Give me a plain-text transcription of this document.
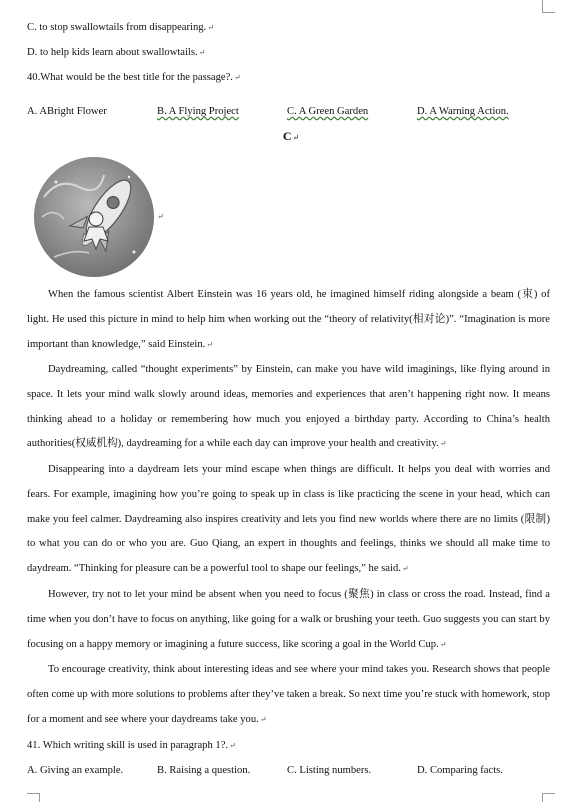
C. to stop swallowtails from disappearing.↵
D. to help kids learn about swallowtails.↵
40.What would be the best title for the passage?.↵
A. ABright Flower	B. A Flying Project	C. A Green Garden	D. A Warning Action.
C↵
↵
When the famous scientist Albert Einstein was 16 years old, he imagined himself riding alongside a beam (束) of light. He used this picture in mind to help him when working out the “theory of relativity(相对论)”. “Imagination is more important than knowledge,” said Einstein.↵
Daydreaming, called “thought experiments” by Einstein, can make you have wild imaginings, like flying around in space. It lets your mind walk slowly around ideas, memories and experiences that aren’t happening right now. It means thinking ahead to a holiday or remembering how much you enjoyed a birthday party. According to China’s health authorities(权威机构), daydreaming for a while each day can improve your health and creativity.↵
Disappearing into a daydream lets your mind escape when things are difficult. It helps you deal with worries and fears. For example, imagining how you’re going to speak up in class is like practicing the scene in your head, which can make you feel calmer. Daydreaming also inspires creativity and lets you find new worlds where there are no limits (限制) to what you can do or who you are. Guo Qiang, an expert in thoughts and feelings, thinks we should all make time to daydream. “Thinking for pleasure can be a powerful tool to shape our feelings,” he said.↵
However, try not to let your mind be absent when you need to focus (聚焦) in class or cross the road. Instead, find a time when you don’t have to focus on anything, like going for a walk or brushing your teeth. Guo suggests you can start by focusing on a happy memory or imagining a future success, like scoring a goal in the World Cup.↵
To encourage creativity, think about interesting ideas and see where your mind takes you. Research shows that people often come up with more solutions to problems after they’ve taken a break. So next time you’re stuck with homework, stop for a moment and see where your daydreams take you.↵
41. Which writing skill is used in paragraph 1?.↵
A. Giving an example.	B. Raising a question.	C. Listing numbers.	D. Comparing facts.
